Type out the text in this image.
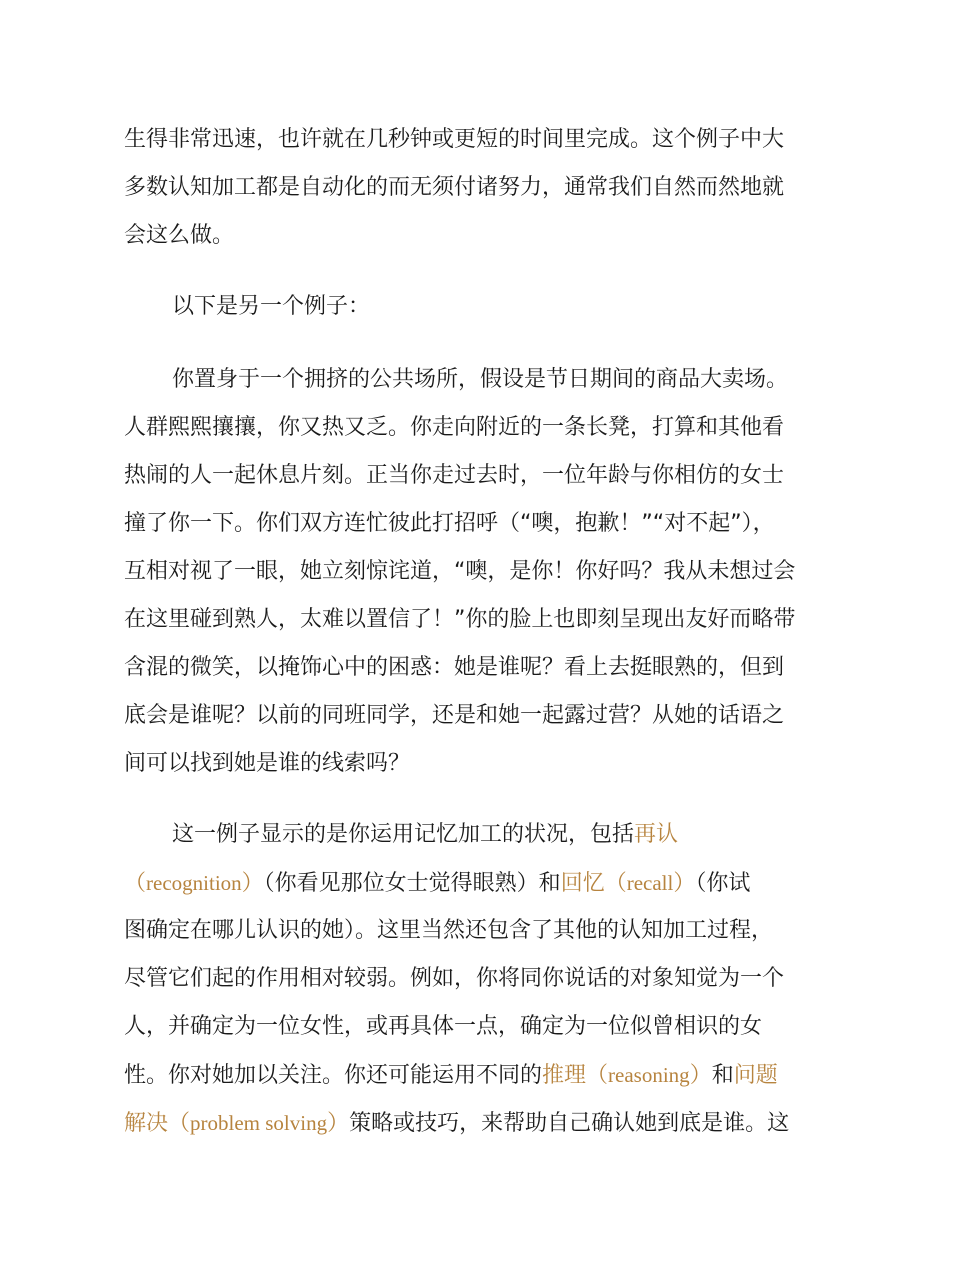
生得非常迅速，也许就在几秒钟或更短的时间里完成。这个例子中大
多数认知加工都是自动化的而无须付诸努力，通常我们自然而然地就
会这么做。

以下是另一个例子：

你置身于一个拥挤的公共场所，假设是节日期间的商品大卖场。
人群熙熙攘攘，你又热又乏。你走向附近的一条长凳，打算和其他看
热闹的人一起休息片刻。正当你走过去时，一位年龄与你相仿的女士
撞了你一下。你们双方连忙彼此打招呼（“噢，抱歉！”“对不起”），
互相对视了一眼，她立刻惊诧道，“噢，是你！你好吗？我从未想过会
在这里碰到熟人，太难以置信了！”你的脸上也即刻呈现出友好而略带
含混的微笑，以掩饰心中的困惑：她是谁呢？看上去挺眼熟的，但到
底会是谁呢？以前的同班同学，还是和她一起露过营？从她的话语之
间可以找到她是谁的线索吗？

这一例子显示的是你运用记忆加工的状况，包括再认
（recognition）（你看见那位女士觉得眼熟）和回忆（recall）（你试
图确定在哪儿认识的她）。这里当然还包含了其他的认知加工过程，
尽管它们起的作用相对较弱。例如，你将同你说话的对象知觉为一个
人，并确定为一位女性，或再具体一点，确定为一位似曾相识的女
性。你对她加以关注。你还可能运用不同的推理（reasoning）和问题
解决（problem solving）策略或技巧，来帮助自己确认她到底是谁。这
